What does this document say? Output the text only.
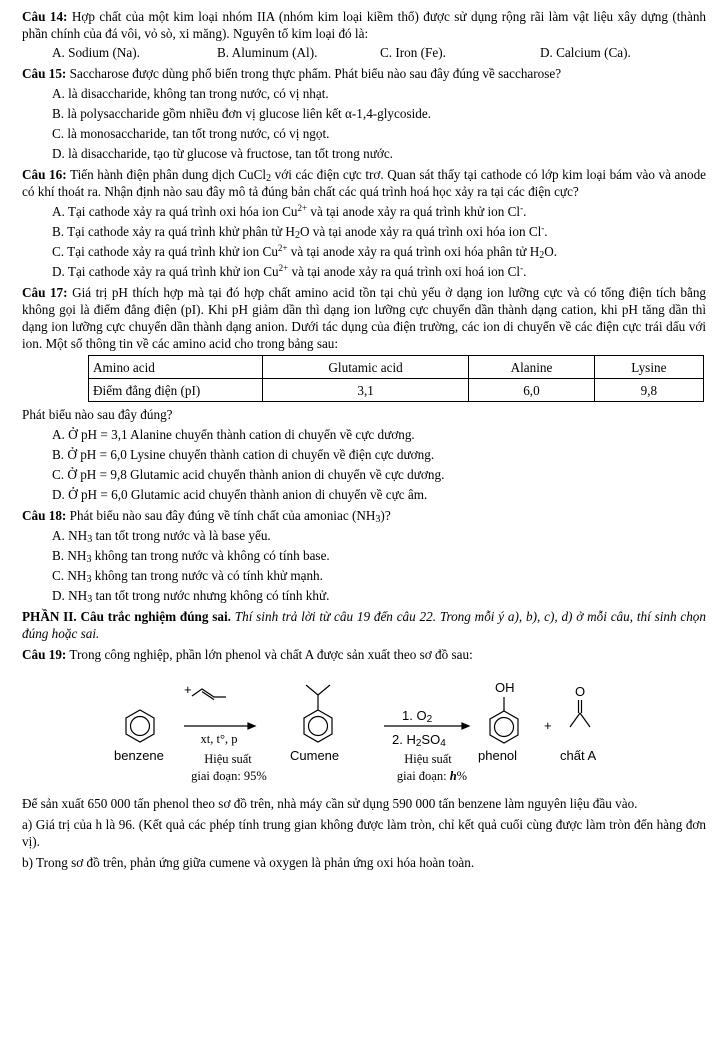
Câu 14: Hợp chất của một kim loại nhóm IIA (nhóm kim loại kiềm thổ) được sử dụng rộng rãi làm vật liệu xây dựng (thành phần chính của đá vôi, vỏ sò, xi măng). Nguyên tố kim loại đó là:

A. Sodium (Na).	B. Aluminum (Al).	C. Iron (Fe).	D. Calcium (Ca).

Câu 15: Saccharose được dùng phổ biến trong thực phẩm. Phát biểu nào sau đây đúng về saccharose?

A. là disaccharide, không tan trong nước, có vị nhạt.

B. là polysaccharide gồm nhiều đơn vị glucose liên kết α-1,4-glycoside.

C. là monosaccharide, tan tốt trong nước, có vị ngọt.

D. là disaccharide, tạo từ glucose và fructose, tan tốt trong nước.

Câu 16: Tiến hành điện phân dung dịch CuCl$_2$ với các điện cực trơ. Quan sát thấy tại cathode có lớp kim loại bám vào và anode có khí thoát ra. Nhận định nào sau đây mô tả đúng bản chất các quá trình hoá học xảy ra tại các điện cực?

A. Tại cathode xảy ra quá trình oxi hóa ion $Cu^{2+}$ và tại anode xảy ra quá trình khử ion Cl-.

B. Tại cathode xảy ra quá trình khử phân tử $H_2O$ và tại anode xảy ra quá trình oxi hóa ion Cl-.

C. Tại cathode xảy ra quá trình khử ion $Cu^{2+}$ và tại anode xảy ra quá trình oxi hóa phân tử $H_2O$.

D. Tại cathode xảy ra quá trình khử ion $Cu^{2+}$ và tại anode xảy ra quá trình oxi hoá ion Cl-.

Câu 17: Giá trị pH thích hợp mà tại đó hợp chất amino acid tồn tại chủ yếu ở dạng ion lưỡng cực và có tổng điện tích bằng không gọi là điểm đẳng điện (pI). Khi pH giảm dần thì dạng ion lưỡng cực chuyển dần thành dạng cation, khi pH tăng dần thì dạng ion lưỡng cực chuyển dần thành dạng anion. Dưới tác dụng của điện trường, các ion di chuyển về các điện cực trái dấu với ion. Một số thông tin về các amino acid cho trong bảng sau:

Amino acid	Glutamic acid	Alanine	Lysine
Điểm đẳng điện (pI)	3,1	6,0	9,8

Phát biểu nào sau đây đúng?

A. Ở pH = 3,1 Alanine chuyển thành cation di chuyển về cực dương.

B. Ở pH = 6,0 Lysine chuyển thành cation di chuyển về điện cực dương.

C. Ở pH = 9,8 Glutamic acid chuyển thành anion di chuyển về cực dương.

D. Ở pH = 6,0 Glutamic acid chuyển thành anion di chuyển về cực âm.

Câu 18: Phát biểu nào sau đây đúng về tính chất của amoniac $(NH_3)$?

A. $NH_3$ tan tốt trong nước và là base yếu.

B. $NH_3$ không tan trong nước và không có tính base.

C. $NH_3$ không tan trong nước và có tính khử mạnh.

D. $NH_3$ tan tốt trong nước nhưng không có tính khử.

PHẦN II. Câu trắc nghiệm đúng sai. Thí sinh trả lời từ câu 19 đến câu 22. Trong mỗi ý a), b), c), d) ở mỗi câu, thí sinh chọn đúng hoặc sai.

Câu 19: Trong công nghiệp, phần lớn phenol và chất A được sản xuất theo sơ đồ sau:

+
xt, t°, p
benzene	Hiệu suất
giai đoạn: 95%
Cumene
1. $O_2$
2. $H_2SO_4$
Hiệu suất
giai đoạn: h%
OH
phenol
+
O
chất A

Để sản xuất 650 000 tấn phenol theo sơ đồ trên, nhà máy cần sử dụng 590 000 tấn benzene làm nguyên liệu đầu vào.

a) Giá trị của h là 96. (Kết quả các phép tính trung gian không được làm tròn, chỉ kết quả cuối cùng được làm tròn đến hàng đơn vị).

b) Trong sơ đồ trên, phản ứng giữa cumene và oxygen là phản ứng oxi hóa hoàn toàn.
